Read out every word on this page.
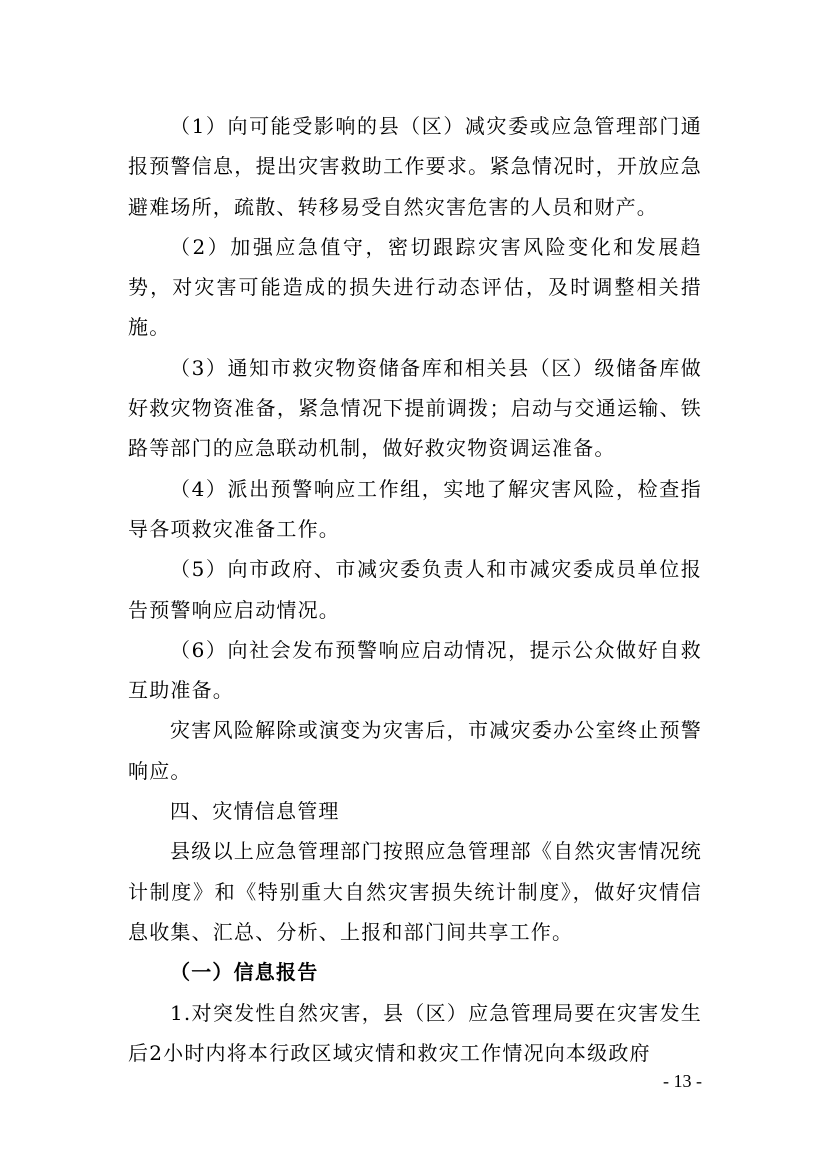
（1）向可能受影响的县（区）减灾委或应急管理部门通报预警信息，提出灾害救助工作要求。紧急情况时，开放应急避难场所，疏散、转移易受自然灾害危害的人员和财产。

（2）加强应急值守，密切跟踪灾害风险变化和发展趋势，对灾害可能造成的损失进行动态评估，及时调整相关措施。

（3）通知市救灾物资储备库和相关县（区）级储备库做好救灾物资准备，紧急情况下提前调拨；启动与交通运输、铁路等部门的应急联动机制，做好救灾物资调运准备。

（4）派出预警响应工作组，实地了解灾害风险，检查指导各项救灾准备工作。

（5）向市政府、市减灾委负责人和市减灾委成员单位报告预警响应启动情况。

（6）向社会发布预警响应启动情况，提示公众做好自救互助准备。

灾害风险解除或演变为灾害后，市减灾委办公室终止预警响应。

四、灾情信息管理

县级以上应急管理部门按照应急管理部《自然灾害情况统计制度》和《特别重大自然灾害损失统计制度》，做好灾情信息收集、汇总、分析、上报和部门间共享工作。

（一）信息报告

1.对突发性自然灾害，县（区）应急管理局要在灾害发生后2小时内将本行政区域灾情和救灾工作情况向本级政府

- 13 -
